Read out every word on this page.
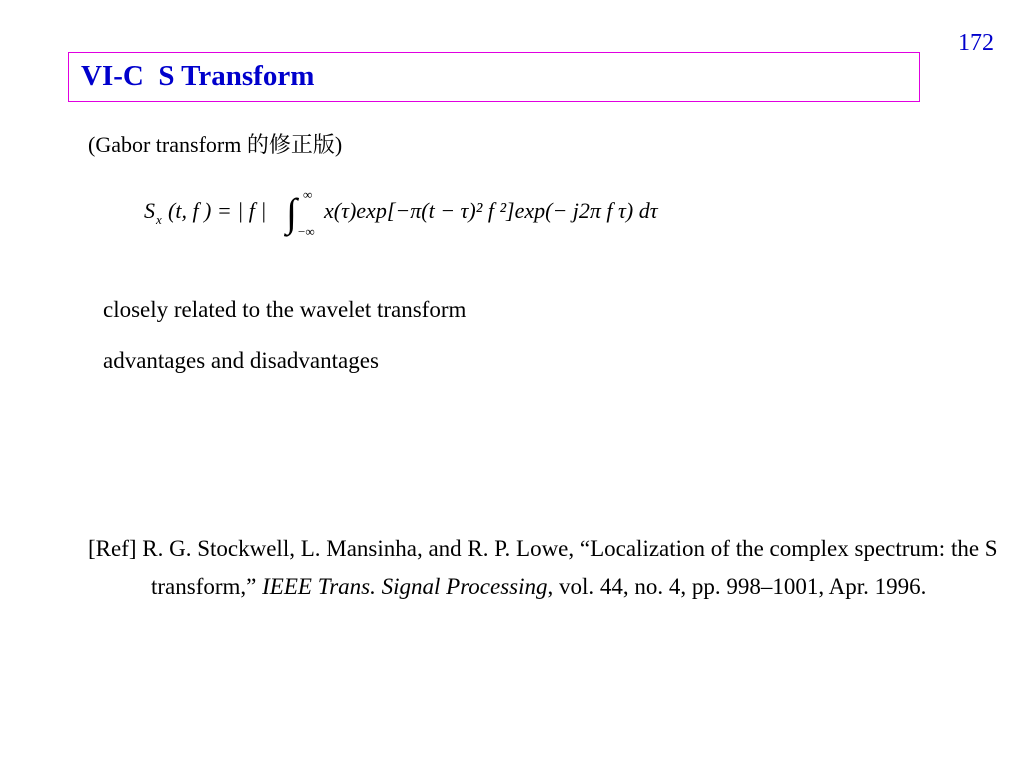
172
VI-C  S Transform
(Gabor transform 的修正版)
S x (t, f ) = | f | ∫ ∞
−∞
x(τ)exp[−π(t − τ)² f ²]exp(− j2π f τ) dτ
closely related to the wavelet transform
advantages and disadvantages
[Ref] R. G. Stockwell, L. Mansinha, and R. P. Lowe, “Localization of the complex spectrum: the S transform,” IEEE Trans. Signal Processing, vol. 44, no. 4, pp. 998–1001, Apr. 1996.
